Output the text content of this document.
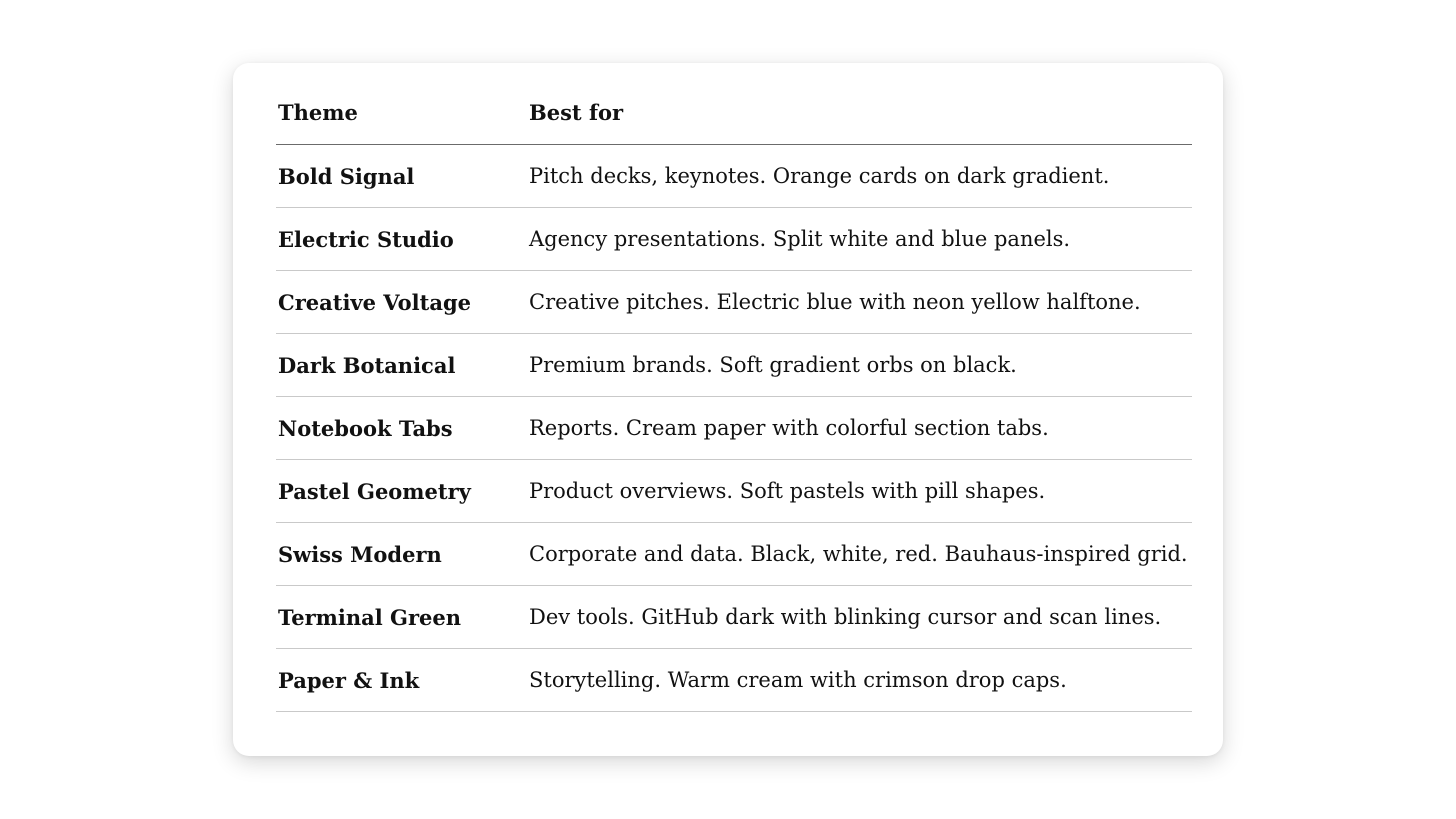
Theme	Best for
Bold Signal	Pitch decks, keynotes. Orange cards on dark gradient.
Electric Studio	Agency presentations. Split white and blue panels.
Creative Voltage	Creative pitches. Electric blue with neon yellow halftone.
Dark Botanical	Premium brands. Soft gradient orbs on black.
Notebook Tabs	Reports. Cream paper with colorful section tabs.
Pastel Geometry	Product overviews. Soft pastels with pill shapes.
Swiss Modern	Corporate and data. Black, white, red. Bauhaus-inspired grid.
Terminal Green	Dev tools. GitHub dark with blinking cursor and scan lines.
Paper & Ink	Storytelling. Warm cream with crimson drop caps.
